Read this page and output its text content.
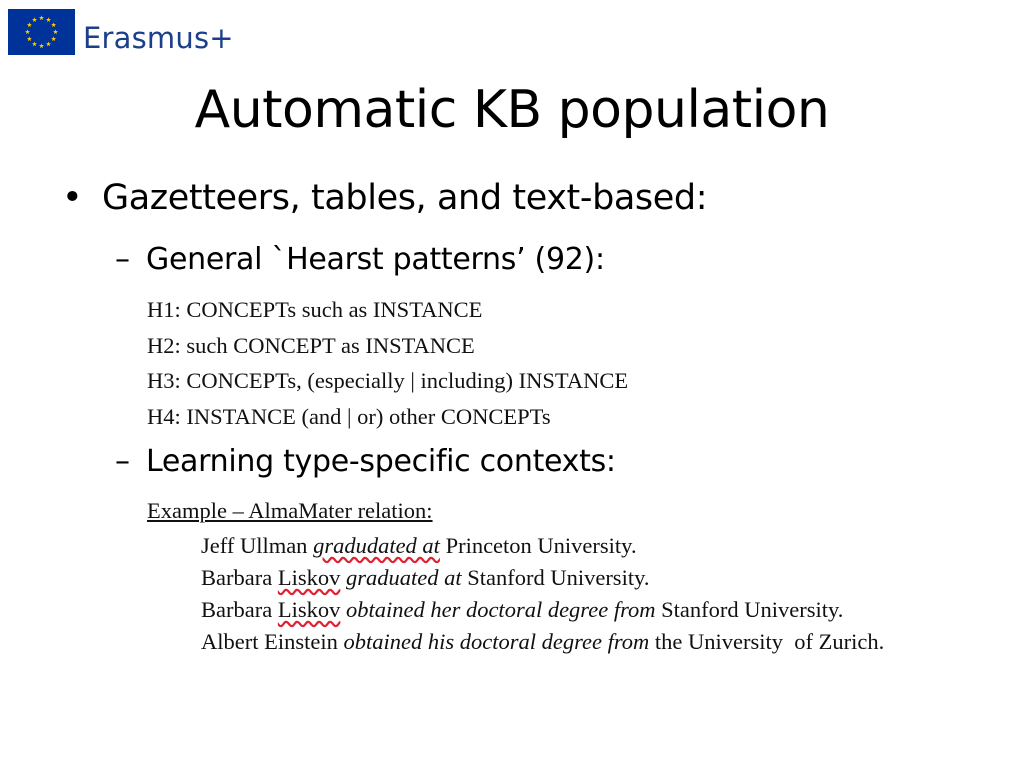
Erasmus+
Automatic KB population
• Gazetteers, tables, and text-based:
– General `Hearst patterns’ (92):
H1: CONCEPTs such as INSTANCE
H2: such CONCEPT as INSTANCE
H3: CONCEPTs, (especially | including) INSTANCE
H4: INSTANCE (and | or) other CONCEPTs
– Learning type-specific contexts:
Example – AlmaMater relation:
Jeff Ullman gradudated at Princeton University.
Barbara Liskov graduated at Stanford University.
Barbara Liskov obtained her doctoral degree from Stanford University.
Albert Einstein obtained his doctoral degree from the University  of Zurich.
